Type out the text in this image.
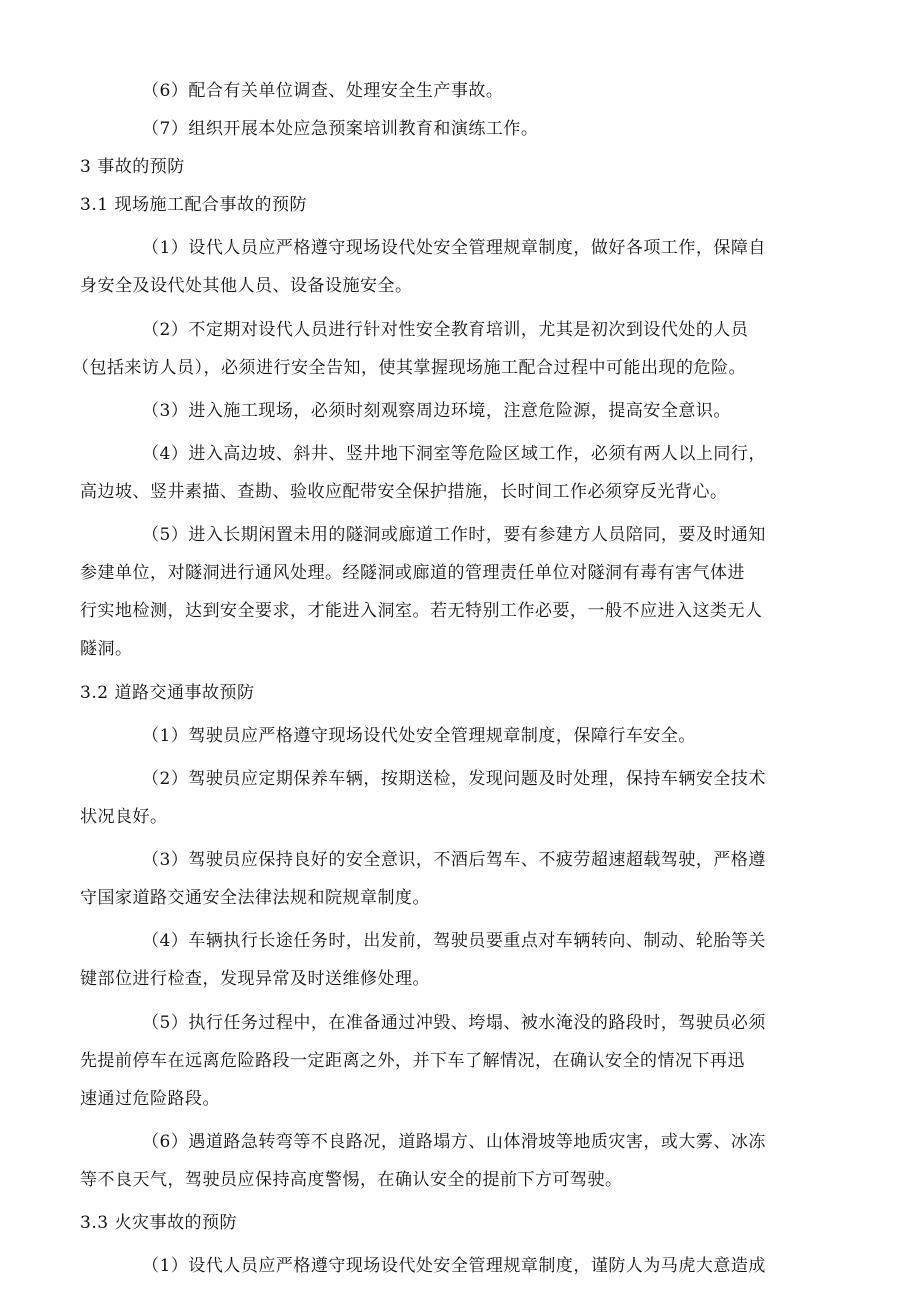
（6）配合有关单位调查、处理安全生产事故。

（7）组织开展本处应急预案培训教育和演练工作。

3 事故的预防

3.1 现场施工配合事故的预防

（1）设代人员应严格遵守现场设代处安全管理规章制度，做好各项工作，保障自

身安全及设代处其他人员、设备设施安全。

（2）不定期对设代人员进行针对性安全教育培训，尤其是初次到设代处的人员

（包括来访人员），必须进行安全告知，使其掌握现场施工配合过程中可能出现的危险。

（3）进入施工现场，必须时刻观察周边环境，注意危险源，提高安全意识。

（4）进入高边坡、斜井、竖井地下洞室等危险区域工作，必须有两人以上同行，

高边坡、竖井素描、查勘、验收应配带安全保护措施，长时间工作必须穿反光背心。

（5）进入长期闲置未用的隧洞或廊道工作时，要有参建方人员陪同，要及时通知

参建单位，对隧洞进行通风处理。经隧洞或廊道的管理责任单位对隧洞有毒有害气体进

行实地检测，达到安全要求，才能进入洞室。若无特别工作必要，一般不应进入这类无人

隧洞。

3.2 道路交通事故预防

（1）驾驶员应严格遵守现场设代处安全管理规章制度，保障行车安全。

（2）驾驶员应定期保养车辆，按期送检，发现问题及时处理，保持车辆安全技术

状况良好。

（3）驾驶员应保持良好的安全意识，不酒后驾车、不疲劳超速超载驾驶，严格遵

守国家道路交通安全法律法规和院规章制度。

（4）车辆执行长途任务时，出发前，驾驶员要重点对车辆转向、制动、轮胎等关

键部位进行检查，发现异常及时送维修处理。

（5）执行任务过程中，在准备通过冲毁、垮塌、被水淹没的路段时，驾驶员必须

先提前停车在远离危险路段一定距离之外，并下车了解情况，在确认安全的情况下再迅

速通过危险路段。

（6）遇道路急转弯等不良路况，道路塌方、山体滑坡等地质灾害，或大雾、冰冻

等不良天气，驾驶员应保持高度警惕，在确认安全的提前下方可驾驶。

3.3 火灾事故的预防

（1）设代人员应严格遵守现场设代处安全管理规章制度，谨防人为马虎大意造成
